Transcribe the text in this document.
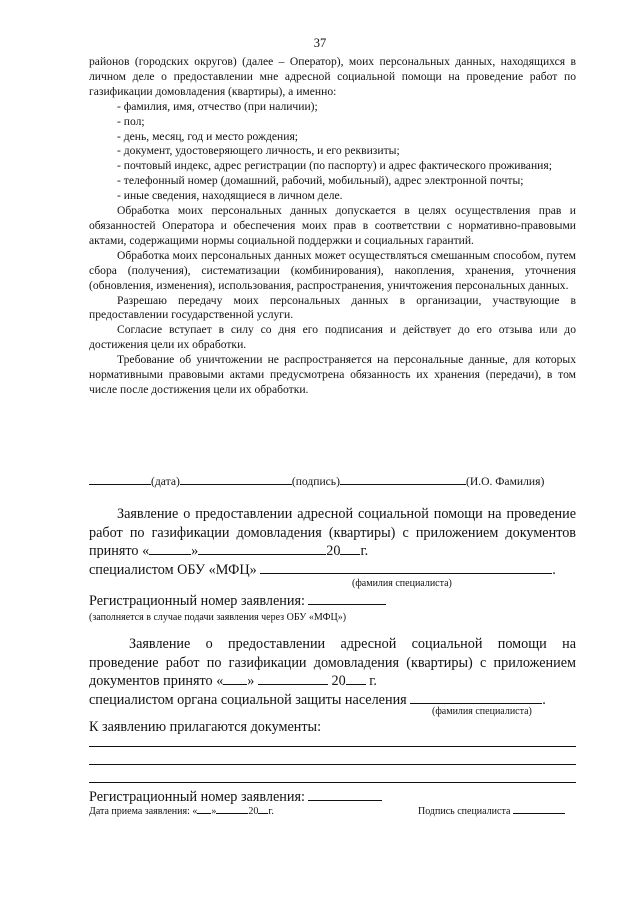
37

районов (городских округов) (далее – Оператор), моих персональных данных, находящихся в личном деле о предоставлении мне адресной социальной помощи на проведение работ по газификации домовладения (квартиры), а именно:

- фамилия, имя, отчество (при наличии);

- пол;

- день, месяц, год и место рождения;

- документ, удостоверяющего личность, и его реквизиты;

- почтовый индекс, адрес регистрации (по паспорту) и адрес фактического проживания;

- телефонный номер (домашний, рабочий, мобильный), адрес электронной почты;

- иные сведения, находящиеся в личном деле.

Обработка моих персональных данных допускается в целях осуществления прав и обязанностей Оператора и обеспечения моих прав в соответствии с нормативно-правовыми актами, содержащими нормы социальной поддержки и социальных гарантий.

Обработка моих персональных данных может осуществляться смешанным способом, путем сбора (получения), систематизации (комбинирования), накопления, хранения, уточнения (обновления, изменения), использования, распространения, уничтожения персональных данных.

Разрешаю передачу моих персональных данных в организации, участвующие в предоставлении государственной услуги.

Согласие вступает в силу со дня его подписания и действует до его отзыва или до достижения цели их обработки.

Требование об уничтожении не распространяется на персональные данные, для которых нормативными правовыми актами предусмотрена обязанность их хранения (передачи), в том числе после достижения цели их обработки.

(дата)	(подпись)	(И.О. Фамилия)

Заявление о предоставлении адресной социальной помощи на проведение работ по газификации домовладения (квартиры) с приложением документов принято «	»	20 г.

специалистом ОБУ «МФЦ»	.
(фамилия специалиста)
Регистрационный номер заявления:
(заполняется в случае подачи заявления через ОБУ «МФЦ»)

Заявление о предоставлении адресной социальной помощи на проведение работ по газификации домовладения (квартиры) с приложением документов принято « »	20 г.

специалистом органа социальной защиты населения	.
(фамилия специалиста)
К заявлению прилагаются документы:
Регистрационный номер заявления:
Дата приема заявления: « »	20 г.	Подпись специалиста
